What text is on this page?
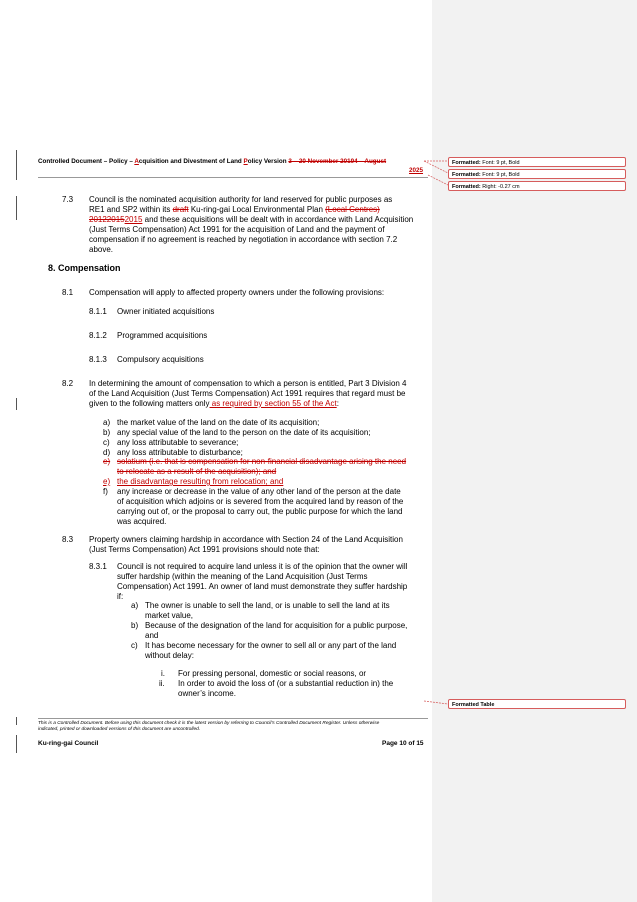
Controlled Document – Policy – Acquisition and Divestment of Land Policy Version 3 – 20 November 20194 – August
2025
Formatted: Font: 9 pt, Bold
Formatted: Font: 9 pt, Bold
Formatted: Right: -0.27 cm
Formatted Table
7.3 Council is the nominated acquisition authority for land reserved for public purposes as
RE1 and SP2 within its draft Ku-ring-gai Local Environmental Plan (Local Centres)
201220152015 and these acquisitions will be dealt with in accordance with Land Acquisition
(Just Terms Compensation) Act 1991 for the acquisition of Land and the payment of
compensation if no agreement is reached by negotiation in accordance with section 7.2
above.
8. Compensation
8.1 Compensation will apply to affected property owners under the following provisions:
8.1.1 Owner initiated acquisitions
8.1.2 Programmed acquisitions
8.1.3 Compulsory acquisitions
8.2 In determining the amount of compensation to which a person is entitled, Part 3 Division 4
of the Land Acquisition (Just Terms Compensation) Act 1991 requires that regard must be
given to the following matters only as required by section 55 of the Act:
a) the market value of the land on the date of its acquisition;
b) any special value of the land to the person on the date of its acquisition;
c) any loss attributable to severance;
d) any loss attributable to disturbance;
e) solatium (i.e. that is compensation for non-financial disadvantage arising the need
to relocate as a result of the acquisition); and
e) the disadvantage resulting from relocation; and
f) any increase or decrease in the value of any other land of the person at the date
of acquisition which adjoins or is severed from the acquired land by reason of the
carrying out of, or the proposal to carry out, the public purpose for which the land
was acquired.
8.3 Property owners claiming hardship in accordance with Section 24 of the Land Acquisition
(Just Terms Compensation) Act 1991 provisions should note that:
8.3.1 Council is not required to acquire land unless it is of the opinion that the owner will
suffer hardship (within the meaning of the Land Acquisition (Just Terms
Compensation) Act 1991. An owner of land must demonstrate they suffer hardship
if:
a) The owner is unable to sell the land, or is unable to sell the land at its
market value,
b) Because of the designation of the land for acquisition for a public purpose,
and
c) It has become necessary for the owner to sell all or any part of the land
without delay:
i. For pressing personal, domestic or social reasons, or
ii. In order to avoid the loss of (or a substantial reduction in) the
owner’s income.
This is a Controlled Document. Before using this document check it is the latest version by referring to Council’s Controlled Document Register. Unless otherwise
indicated, printed or downloaded versions of this document are uncontrolled.
Ku-ring-gai Council	Page 10 of 15
